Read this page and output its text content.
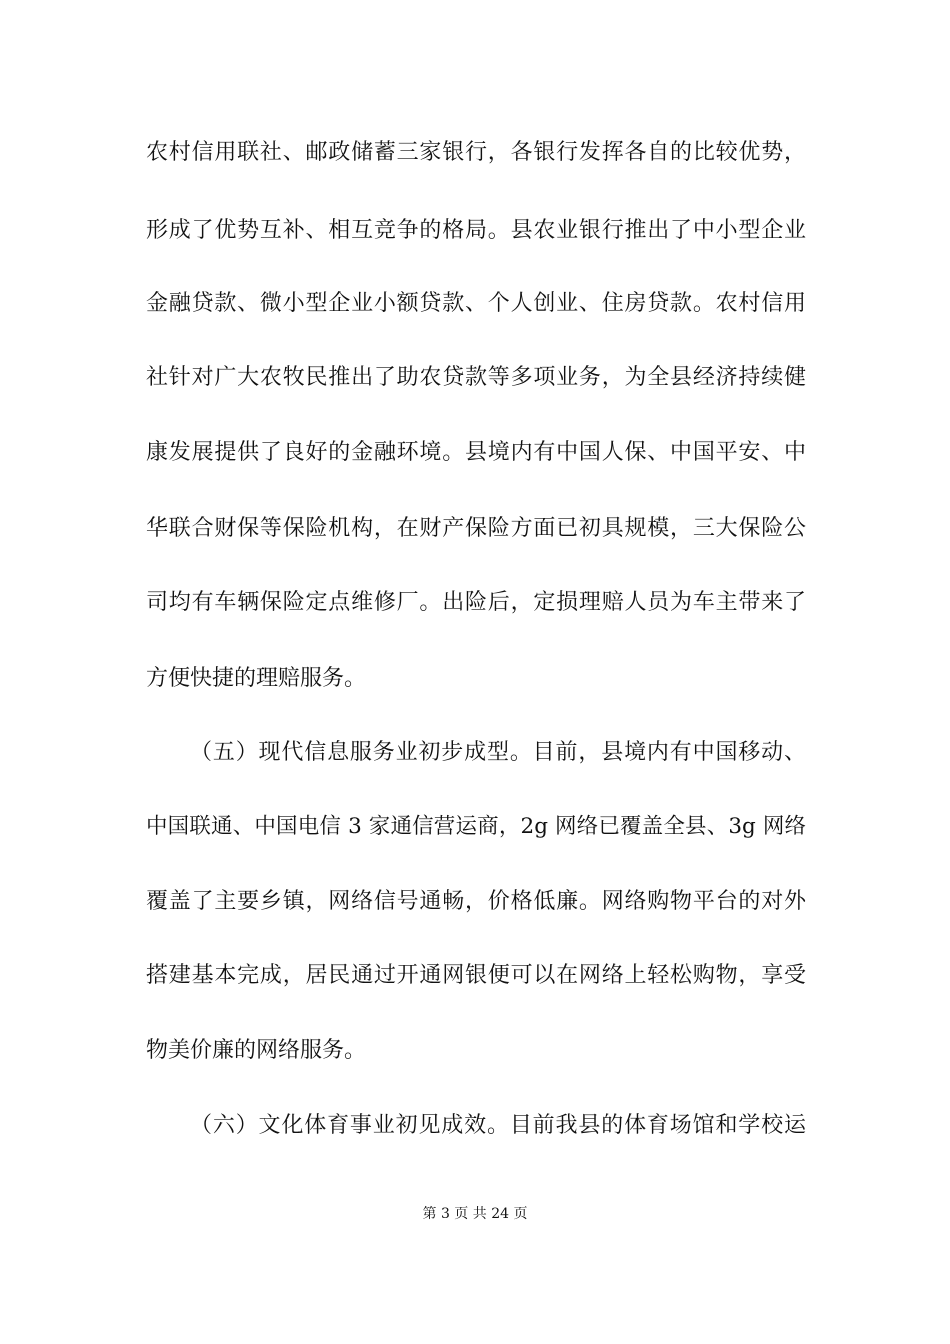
农村信用联社、邮政储蓄三家银行，各银行发挥各自的比较优势，
形成了优势互补、相互竞争的格局。县农业银行推出了中小型企业
金融贷款、微小型企业小额贷款、个人创业、住房贷款。农村信用
社针对广大农牧民推出了助农贷款等多项业务，为全县经济持续健
康发展提供了良好的金融环境。县境内有中国人保、中国平安、中
华联合财保等保险机构，在财产保险方面已初具规模，三大保险公
司均有车辆保险定点维修厂。出险后，定损理赔人员为车主带来了
方便快捷的理赔服务。
（五）现代信息服务业初步成型。目前，县境内有中国移动、
中国联通、中国电信 3 家通信营运商，2g 网络已覆盖全县、3g 网络
覆盖了主要乡镇，网络信号通畅，价格低廉。网络购物平台的对外
搭建基本完成，居民通过开通网银便可以在网络上轻松购物，享受
物美价廉的网络服务。
（六）文化体育事业初见成效。目前我县的体育场馆和学校运
第 3 页 共 24 页
